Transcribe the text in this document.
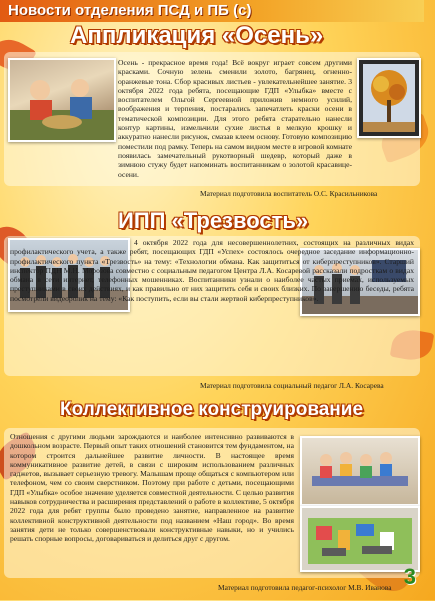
Новости отделения ПСД и ПБ (с)
Аппликация «Осень»
Осень - прекрасное время года! Всё вокруг играет совсем другими красками. Сочную зелень сменили золото, багрянец, огненно-оранжевые тона. Сбор красивых листьев - увлекательнейшее занятие. 3 октября 2022 года ребята, посещающие ГДП «Улыбка» вместе с воспитателем Ольгой Сергеевной приложив немного усилий, воображения и терпения, постарались запечатлеть краски осени в тематической композиции. Для этого ребята старательно нанесли контур картины, измельчили сухие листья в мелкую крошку и аккуратно нанесли рисунок, смазав клеем основу. Готовую композицию поместили под рамку. Теперь на самом видном месте в игровой комнате появилась замечательный рукотворный шедевр, который даже в зимнюю стужу будет напоминать воспитанникам о золотой красавице-осени.
Материал подготовила воспитатель О.С. Красильникова
ИПП «Трезвость»
4 октября 2022 года для несовершеннолетних, состоящих на различных видах профилактического учета, а также ребят, посещающих ГДП «Успех» состоялось очередное заседание информационно-профилактического пункта «Трезвость» на тему: «Технологии обмана. Как защититься от киберпреступников». Старший инспектор ПДН М.Н. Морозова совместно с социальным педагогом Центра Л.А. Косаревой рассказали подросткам о видах обмана в сети интернет, телефонных мошенниках. Воспитанники узнали о наиболее частых приемах, используемых преступниками в своих действиях, и как правильно от них защитить себя и своих близких. По завершению беседы, ребята посмотрели видеоролик на тему: «Как поступить, если вы стали жертвой киберпреступников».
Материал подготовила социальный педагог Л.А. Косарева
Коллективное конструирование
Отношения с другими людьми зарождаются и наиболее интенсивно развиваются в дошкольном возрасте. Первый опыт таких отношений становится тем фундаментом, на котором строится дальнейшее развитие личности. В настоящее время коммуникативное развитие детей, в связи с широким использованием различных гаджетов, вызывает серьезную тревогу. Малышам проще общаться с компьютером или телефоном, чем со своим сверстником. Поэтому при работе с детьми, посещающими ГДП «Улыбка» особое значение уделяется совместной деятельности. С целью развития навыков сотрудничества и расширения представлений о работе в коллективе, 5 октября 2022 года для ребят группы было проведено занятие, направленное на развитие коллективной конструктивной деятельности под названием «Наш город». Во время занятия дети не только совершенствовали конструктивные навыки, но и учились решать спорные вопросы, договариваться и делиться друг с другом.
Материал подготовила педагог-психолог М.В. Иванова 3
